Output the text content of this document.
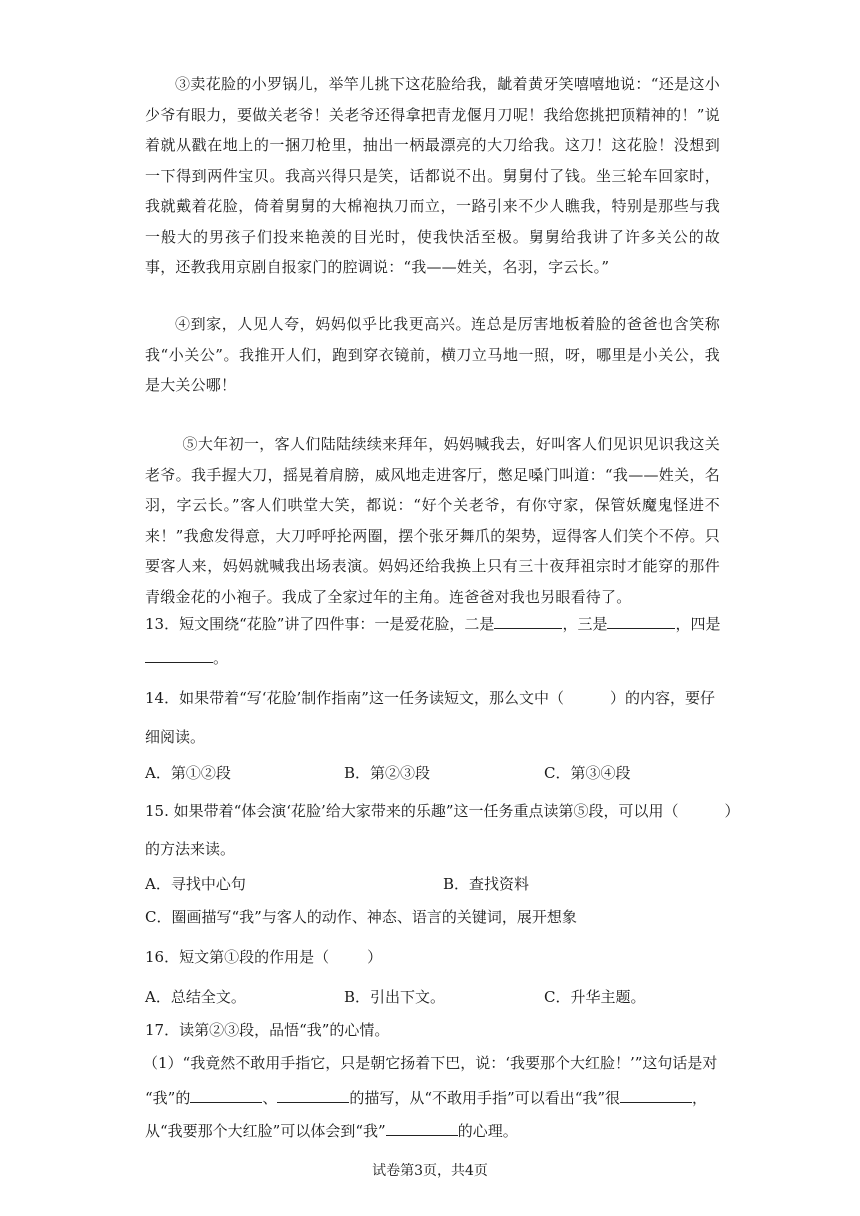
③卖花脸的小罗锅儿，举竿儿挑下这花脸给我，龇着黄牙笑嘻嘻地说：“还是这小少爷有眼力，要做关老爷！关老爷还得拿把青龙偃月刀呢！我给您挑把顶精神的！”说着就从戳在地上的一捆刀枪里，抽出一柄最漂亮的大刀给我。这刀！这花脸！没想到一下得到两件宝贝。我高兴得只是笑，话都说不出。舅舅付了钱。坐三轮车回家时，我就戴着花脸，倚着舅舅的大棉袍执刀而立，一路引来不少人瞧我，特别是那些与我一般大的男孩子们投来艳羡的目光时，使我快活至极。舅舅给我讲了许多关公的故事，还教我用京剧自报家门的腔调说：“我——姓关，名羽，字云长。”

④到家，人见人夸，妈妈似乎比我更高兴。连总是厉害地板着脸的爸爸也含笑称我“小关公”。我推开人们，跑到穿衣镜前，横刀立马地一照，呀，哪里是小关公，我是大关公哪！

⑤大年初一，客人们陆陆续续来拜年，妈妈喊我去，好叫客人们见识见识我这关老爷。我手握大刀，摇晃着肩膀，威风地走进客厅，憋足嗓门叫道：“我——姓关，名羽，字云长。”客人们哄堂大笑，都说：“好个关老爷，有你守家，保管妖魔鬼怪进不来！”我愈发得意，大刀呼呼抡两圈，摆个张牙舞爪的架势，逗得客人们笑个不停。只要客人来，妈妈就喊我出场表演。妈妈还给我换上只有三十夜拜祖宗时才能穿的那件青缎金花的小袍子。我成了全家过年的主角。连爸爸对我也另眼看待了。

13．短文围绕“花脸”讲了四件事：一是爱花脸，二是	，三是	，四是
。
14．如果带着“写‘花脸’制作指南”这一任务读短文，那么文中（	）的内容，要仔
细阅读。
A．第①②段	B．第②③段	C．第③④段
15. 如果带着“体会演‘花脸’给大家带来的乐趣”这一任务重点读第⑤段，可以用（	）
的方法来读。
A．寻找中心句	B．查找资料
C．圈画描写“我”与客人的动作、神态、语言的关键词，展开想象
16．短文第①段的作用是（	）
A．总结全文。	B．引出下文。	C．升华主题。
17．读第②③段，品悟“我”的心情。
（1）“我竟然不敢用手指它，只是朝它扬着下巴，说：‘我要那个大红脸！’”这句话是对
“我”的	、	的描写，从“不敢用手指”可以看出“我”很	，
从“我要那个大红脸”可以体会到“我”	的心理。
试卷第3页，共4页
